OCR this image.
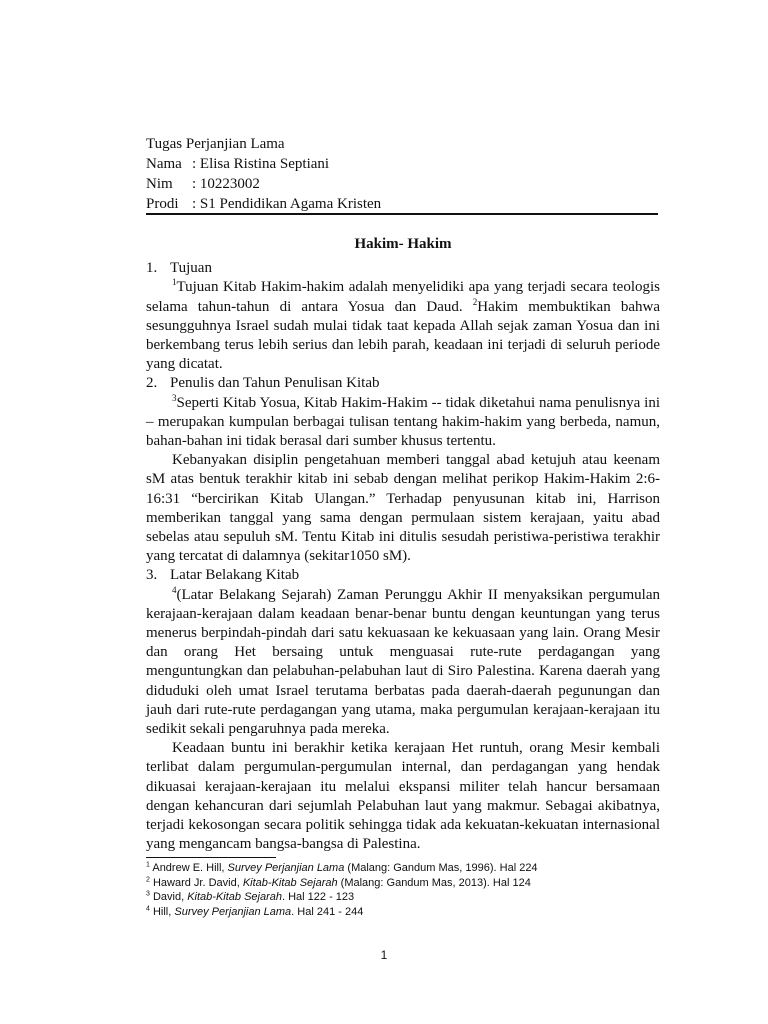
Tugas Perjanjian Lama
Nama : Elisa Ristina Septiani
Nim	: 10223002
Prodi : S1 Pendidikan Agama Kristen
Hakim- Hakim
1. Tujuan

$^1$Tujuan Kitab Hakim-hakim adalah menyelidiki apa yang terjadi secara teologis selama tahun-tahun di antara Yosua dan Daud. $^2$Hakim membuktikan bahwa sesungguhnya Israel sudah mulai tidak taat kepada Allah sejak zaman Yosua dan ini berkembang terus lebih serius dan lebih parah, keadaan ini terjadi di seluruh periode yang dicatat.

2. Penulis dan Tahun Penulisan Kitab

$^3$Seperti Kitab Yosua, Kitab Hakim-Hakim -- tidak diketahui nama penulisnya ini – merupakan kumpulan berbagai tulisan tentang hakim-hakim yang berbeda, namun, bahan-bahan ini tidak berasal dari sumber khusus tertentu.

Kebanyakan disiplin pengetahuan memberi tanggal abad ketujuh atau keenam sM atas bentuk terakhir kitab ini sebab dengan melihat perikop Hakim-Hakim 2:6-16:31 “bercirikan Kitab Ulangan.” Terhadap penyusunan kitab ini, Harrison memberikan tanggal yang sama dengan permulaan sistem kerajaan, yaitu abad sebelas atau sepuluh sM. Tentu Kitab ini ditulis sesudah peristiwa-peristiwa terakhir yang tercatat di dalamnya (sekitar1050 sM).

3. Latar Belakang Kitab

$^4$(Latar Belakang Sejarah) Zaman Perunggu Akhir II menyaksikan pergumulan kerajaan-kerajaan dalam keadaan benar-benar buntu dengan keuntungan yang terus menerus berpindah-pindah dari satu kekuasaan ke kekuasaan yang lain. Orang Mesir dan orang Het bersaing untuk menguasai rute-rute perdagangan yang menguntungkan dan pelabuhan-pelabuhan laut di Siro Palestina. Karena daerah yang diduduki oleh umat Israel terutama berbatas pada daerah-daerah pegunungan dan jauh dari rute-rute perdagangan yang utama, maka pergumulan kerajaan-kerajaan itu sedikit sekali pengaruhnya pada mereka.

Keadaan buntu ini berakhir ketika kerajaan Het runtuh, orang Mesir kembali terlibat dalam pergumulan-pergumulan internal, dan perdagangan yang hendak dikuasai kerajaan-kerajaan itu melalui ekspansi militer telah hancur bersamaan dengan kehancuran dari sejumlah Pelabuhan laut yang makmur. Sebagai akibatnya, terjadi kekosongan secara politik sehingga tidak ada kekuatan-kekuatan internasional yang mengancam bangsa-bangsa di Palestina.

$^1$ Andrew E. Hill, Survey Perjanjian Lama (Malang: Gandum Mas, 1996). Hal 224
$^2$ Haward Jr. David, Kitab-Kitab Sejarah (Malang: Gandum Mas, 2013). Hal 124
$^3$ David, Kitab-Kitab Sejarah. Hal 122 - 123
$^4$ Hill, Survey Perjanjian Lama. Hal 241 - 244
1
